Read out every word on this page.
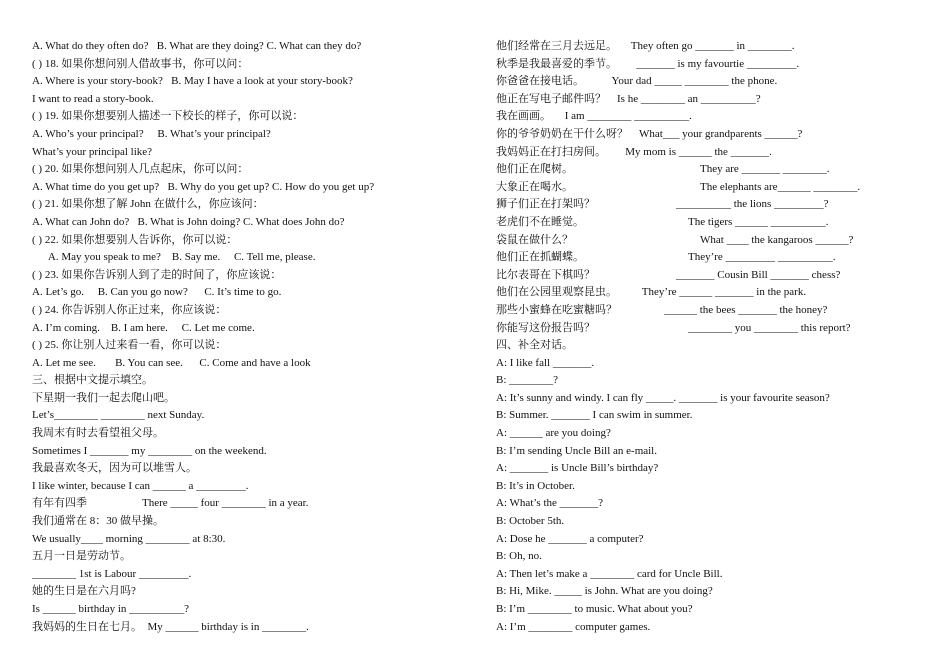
A. What do they often do?   B. What are they doing? C. What can they do?
( ) 18. 如果你想问别人借故事书，你可以问：
A. Where is your story-book?   B. May I have a look at your story-book?
I want to read a story-book.
( ) 19. 如果你想要别人描述一下校长的样子，你可以说：
A. Who’s your principal?     B. What’s your principal?
What’s your principal like?
( ) 20. 如果你想问别人几点起床，你可以问：
A. What time do you get up?   B. Why do you get up? C. How do you get up?
( ) 21. 如果你想了解 John 在做什么，你应该问：
A. What can John do?   B. What is John doing? C. What does John do?
( ) 22. 如果你想要别人告诉你，你可以说：
A. May you speak to me?    B. Say me.     C. Tell me, please.
( ) 23. 如果你告诉别人到了走的时间了，你应该说：
A. Let’s go.     B. Can you go now?      C. It’s time to go.
( ) 24. 你告诉别人你正过来，你应该说：
A. I’m coming.    B. I am here.     C. Let me come.
( ) 25. 你让别人过来看一看，你可以说：
A. Let me see.       B. You can see.      C. Come and have a look
三、根据中文提示填空。
下星期一我们一起去爬山吧。
Let’s________ ________ next Sunday.
我周末有时去看望祖父母。
Sometimes I _______ my ________ on the weekend.
我最喜欢冬天，因为可以堆雪人。
I like winter, because I can ______ a _________.

有年有四季

	There _____ four ________ in a year.

我们通常在 8：30 做早操。
We usually____ morning ________ at 8:30.
五月一日是劳动节。
________ 1st is Labour _________.
她的生日是在六月吗?
Is ______ birthday in __________?
我妈妈的生日在七月。  My ______ birthday is in ________.
他们经常在三月去远足。     They often go _______ in ________.
秋季是我最喜爱的季节。       _______ is my favourtie _________.
你爸爸在接电话。          Your dad _____ ________ the phone.
他正在写电子邮件吗？    Is he ________ an __________?
我在画画。     I am ________ __________.
你的爷爷奶奶在干什么呀？    What___ your grandparents ______?
我妈妈正在打扫房间。       My mom is ______ the _______.

他们正在爬树。

	They are _______ ________.

大象正在喝水。

	The elephants are______ ________.

狮子们正在打架吗？

	__________ the lions _________?

老虎们不在睡觉。

	The tigers ______ __________.

袋鼠在做什么？

	What ____ the kangaroos ______?

他们正在抓蝴蝶。

	They’re _________ __________.

比尔表哥在下棋吗？

	_______ Cousin Bill _______ chess?

他们在公园里观察昆虫。         They’re ______ _______ in the park.

那些小蜜蜂在吃蜜糖吗？

	______ the bees _______ the honey?

你能写这份报告吗？

	________ you ________ this report?

四、补全对话。
A: I like fall _______.
B: ________?
A: It’s sunny and windy. I can fly _____. _______ is your favourite season?
B: Summer. _______ I can swim in summer.
A: ______ are you doing?
B: I’m sending Uncle Bill an e-mail.
A: _______ is Uncle Bill’s birthday?
B: It’s in October.
A: What’s the _______?
B: October 5th.
A: Dose he _______ a computer?
B: Oh, no.
A: Then let’s make a ________ card for Uncle Bill.
B: Hi, Mike. _____ is John. What are you doing?
B: I’m ________ to music. What about you?
A: I’m ________ computer games.
